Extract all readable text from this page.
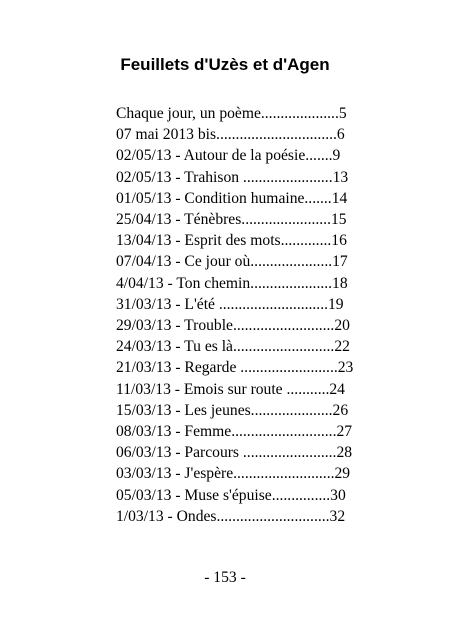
Feuillets d'Uzès et d'Agen
Chaque jour, un poème....................5
07 mai 2013 bis...............................6
02/05/13 - Autour de la poésie.......9
02/05/13 - Trahison .......................13
01/05/13 - Condition humaine.......14
25/04/13 - Ténèbres.......................15
13/04/13 - Esprit des mots.............16
07/04/13 - Ce jour où.....................17
4/04/13 - Ton chemin.....................18
31/03/13 - L'été ............................19
29/03/13 - Trouble..........................20
24/03/13 - Tu es là..........................22
21/03/13 - Regarde .........................23
11/03/13 - Emois sur route ...........24
15/03/13 - Les jeunes.....................26
08/03/13 - Femme...........................27
06/03/13 - Parcours ........................28
03/03/13 - J'espère..........................29
05/03/13 - Muse s'épuise...............30
1/03/13 - Ondes.............................32

- 153 -
